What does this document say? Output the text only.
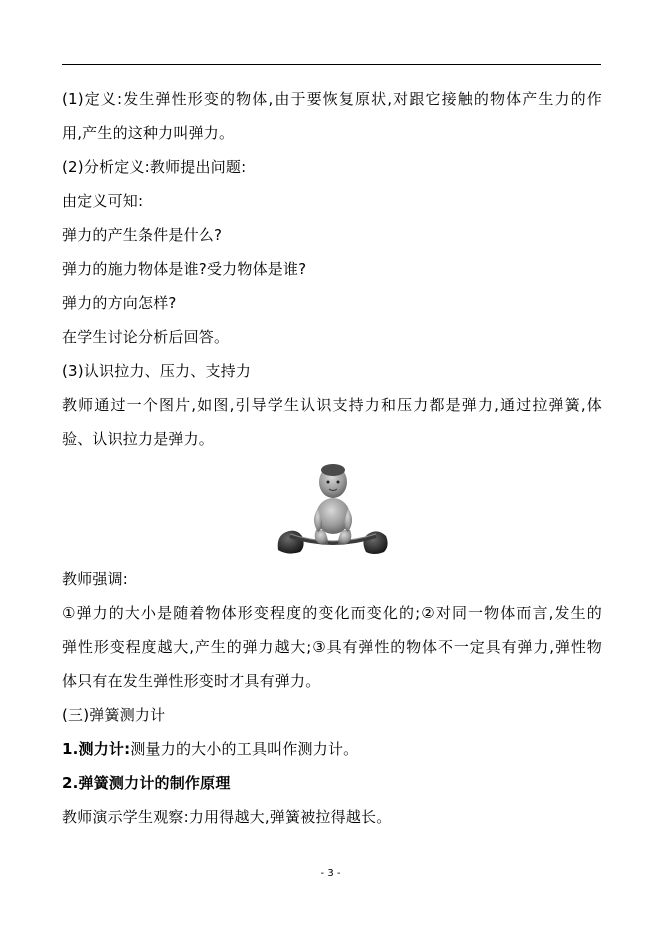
(1)定义:发生弹性形变的物体,由于要恢复原状,对跟它接触的物体产生力的作
用,产生的这种力叫弹力。
(2)分析定义:教师提出问题:
由定义可知:
弹力的产生条件是什么?
弹力的施力物体是谁?受力物体是谁?
弹力的方向怎样?
在学生讨论分析后回答。
(3)认识拉力、压力、支持力
教师通过一个图片,如图,引导学生认识支持力和压力都是弹力,通过拉弹簧,体
验、认识拉力是弹力。
教师强调:
①弹力的大小是随着物体形变程度的变化而变化的;②对同一物体而言,发生的
弹性形变程度越大,产生的弹力越大;③具有弹性的物体不一定具有弹力,弹性物
体只有在发生弹性形变时才具有弹力。
(三)弹簧测力计
1.测力计:测量力的大小的工具叫作测力计。
2.弹簧测力计的制作原理
教师演示学生观察:力用得越大,弹簧被拉得越长。
- 3 -
